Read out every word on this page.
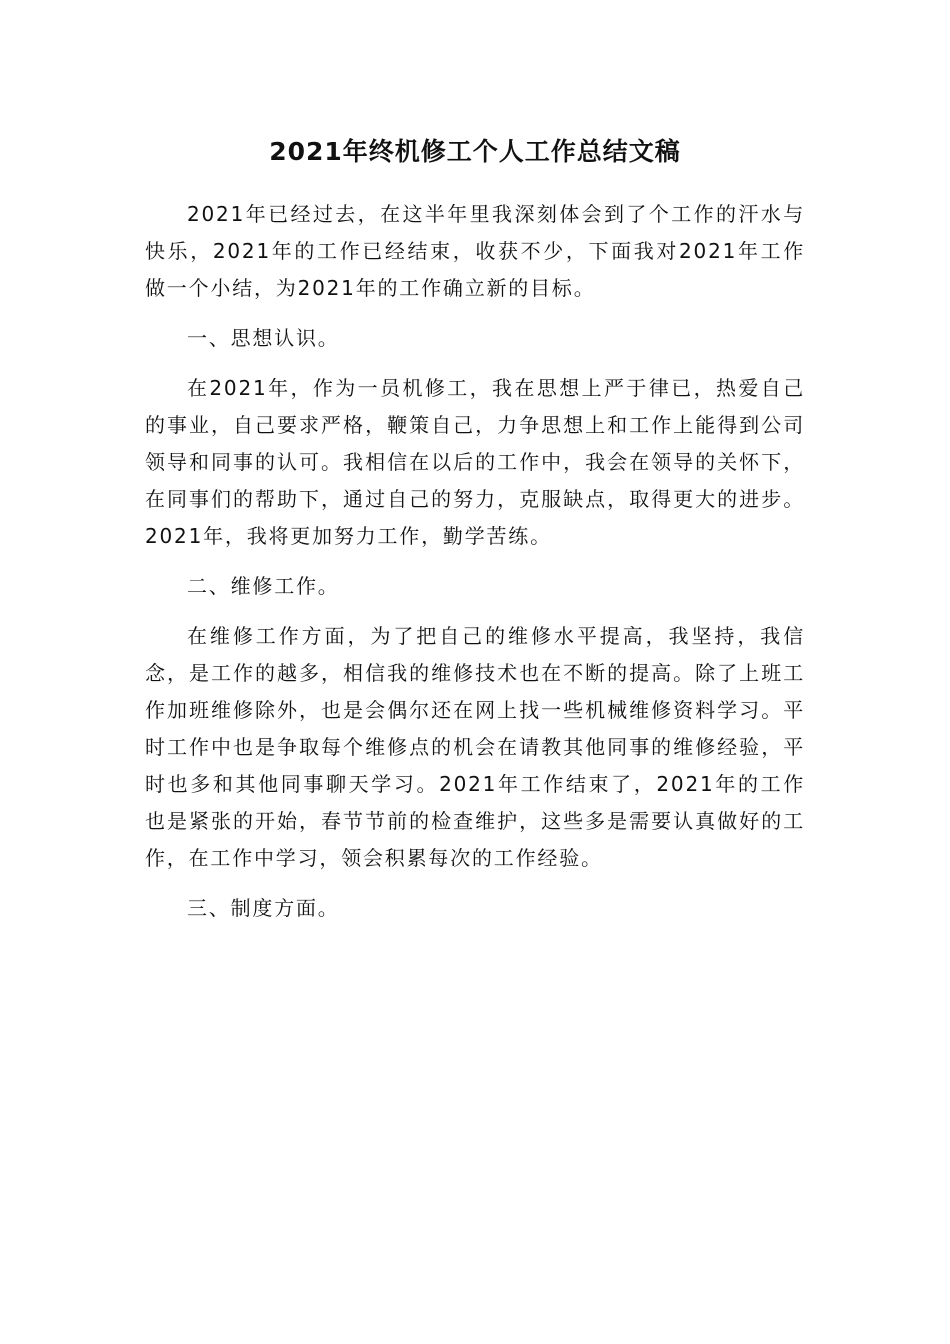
2021年终机修工个人工作总结文稿

2021年已经过去，在这半年里我深刻体会到了个工作的汗水与快乐，2021年的工作已经结束，收获不少，下面我对2021年工作做一个小结，为2021年的工作确立新的目标。

一、思想认识。

在2021年，作为一员机修工，我在思想上严于律已，热爱自己的事业，自己要求严格，鞭策自己，力争思想上和工作上能得到公司领导和同事的认可。我相信在以后的工作中，我会在领导的关怀下，在同事们的帮助下，通过自己的努力，克服缺点，取得更大的进步。2021年，我将更加努力工作，勤学苦练。

二、维修工作。

在维修工作方面，为了把自己的维修水平提高，我坚持，我信念，是工作的越多，相信我的维修技术也在不断的提高。除了上班工作加班维修除外，也是会偶尔还在网上找一些机械维修资料学习。平时工作中也是争取每个维修点的机会在请教其他同事的维修经验，平时也多和其他同事聊天学习。2021年工作结束了，2021年的工作也是紧张的开始，春节节前的检查维护，这些多是需要认真做好的工作，在工作中学习，领会积累每次的工作经验。

三、制度方面。
